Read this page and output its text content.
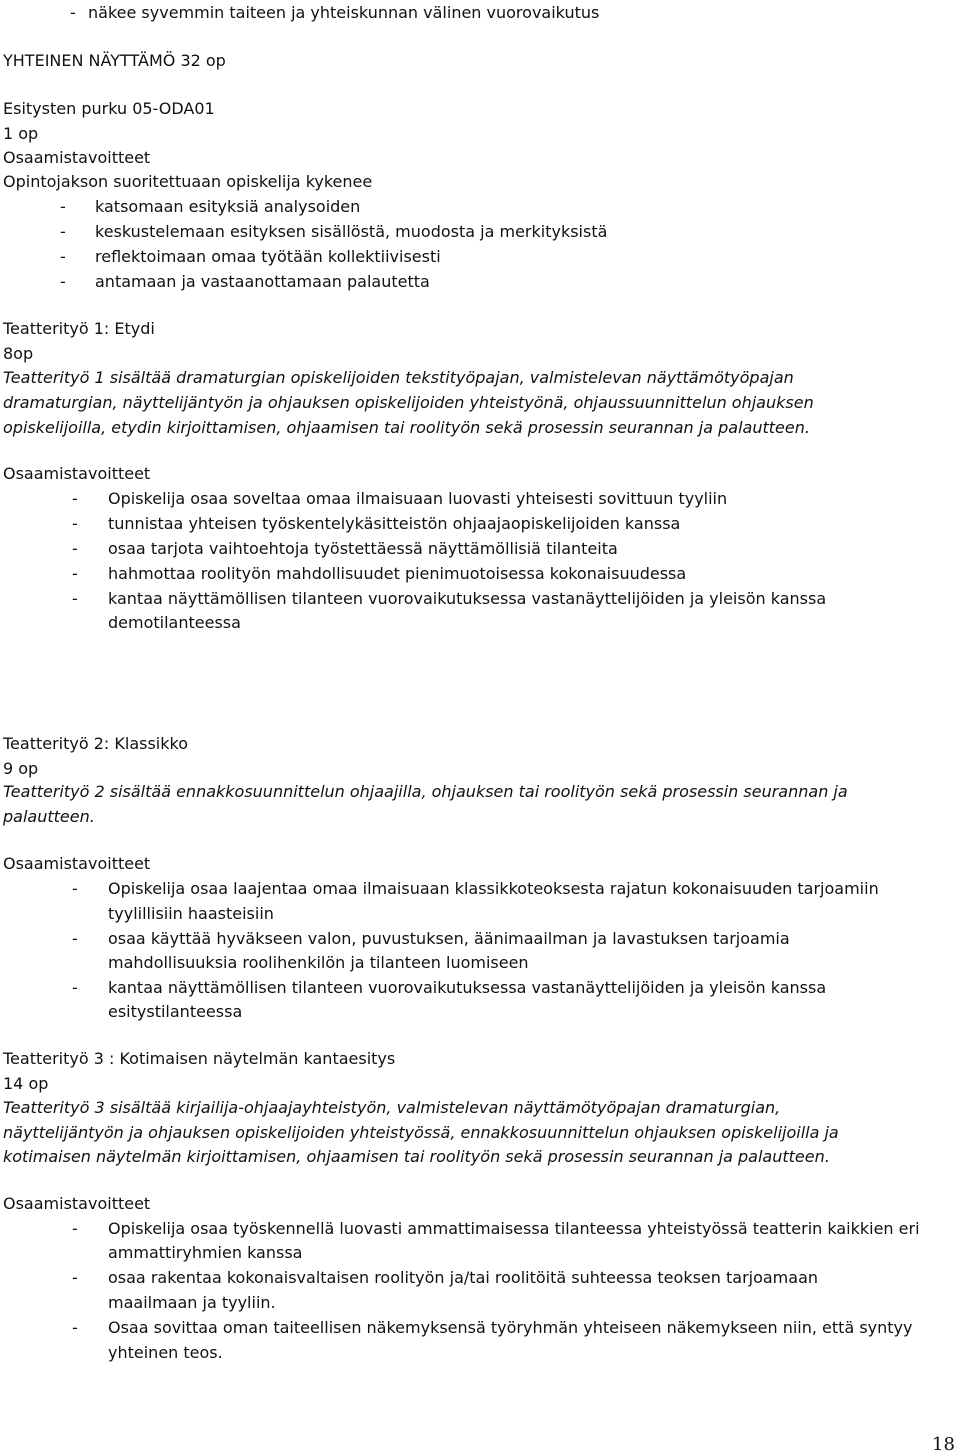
- näkee syvemmin taiteen ja yhteiskunnan välinen vuorovaikutus
YHTEINEN NÄYTTÄMÖ 32 op
Esitysten purku 05-ODA01
1 op
Osaamistavoitteet
Opintojakson suoritettuaan opiskelija kykenee
- katsomaan esityksiä analysoiden
- keskustelemaan esityksen sisällöstä, muodosta ja merkityksistä
- reflektoimaan omaa työtään kollektiivisesti
- antamaan ja vastaanottamaan palautetta
Teatterityö 1: Etydi
8op
Teatterityö 1 sisältää dramaturgian opiskelijoiden tekstityöpajan, valmistelevan näyttämötyöpajan
dramaturgian, näyttelijäntyön ja ohjauksen opiskelijoiden yhteistyönä, ohjaussuunnittelun ohjauksen
opiskelijoilla, etydin kirjoittamisen, ohjaamisen tai roolityön sekä prosessin seurannan ja palautteen.
Osaamistavoitteet
- Opiskelija osaa soveltaa omaa ilmaisuaan luovasti yhteisesti sovittuun tyyliin
- tunnistaa yhteisen työskentelykäsitteistön ohjaajaopiskelijoiden kanssa
- osaa tarjota vaihtoehtoja työstettäessä näyttämöllisiä tilanteita
- hahmottaa roolityön mahdollisuudet pienimuotoisessa kokonaisuudessa
- kantaa näyttämöllisen tilanteen vuorovaikutuksessa vastanäyttelijöiden ja yleisön kanssa
demotilanteessa
Teatterityö 2: Klassikko
9 op
Teatterityö 2 sisältää ennakkosuunnittelun ohjaajilla, ohjauksen tai roolityön sekä prosessin seurannan ja
palautteen.
Osaamistavoitteet
- Opiskelija osaa laajentaa omaa ilmaisuaan klassikkoteoksesta rajatun kokonaisuuden tarjoamiin
tyylillisiin haasteisiin
- osaa käyttää hyväkseen valon, puvustuksen, äänimaailman ja lavastuksen tarjoamia
mahdollisuuksia roolihenkilön ja tilanteen luomiseen
- kantaa näyttämöllisen tilanteen vuorovaikutuksessa vastanäyttelijöiden ja yleisön kanssa
esitystilanteessa
Teatterityö 3 : Kotimaisen näytelmän kantaesitys
14 op
Teatterityö 3 sisältää kirjailija-ohjaajayhteistyön, valmistelevan näyttämötyöpajan dramaturgian,
näyttelijäntyön ja ohjauksen opiskelijoiden yhteistyössä, ennakkosuunnittelun ohjauksen opiskelijoilla ja
kotimaisen näytelmän kirjoittamisen, ohjaamisen tai roolityön sekä prosessin seurannan ja palautteen.
Osaamistavoitteet
- Opiskelija osaa työskennellä luovasti ammattimaisessa tilanteessa yhteistyössä teatterin kaikkien eri
ammattiryhmien kanssa
- osaa rakentaa kokonaisvaltaisen roolityön ja/tai roolitöitä suhteessa teoksen tarjoamaan
maailmaan ja tyyliin.
- Osaa sovittaa oman taiteellisen näkemyksensä työryhmän yhteiseen näkemykseen niin, että syntyy
yhteinen teos.
18
